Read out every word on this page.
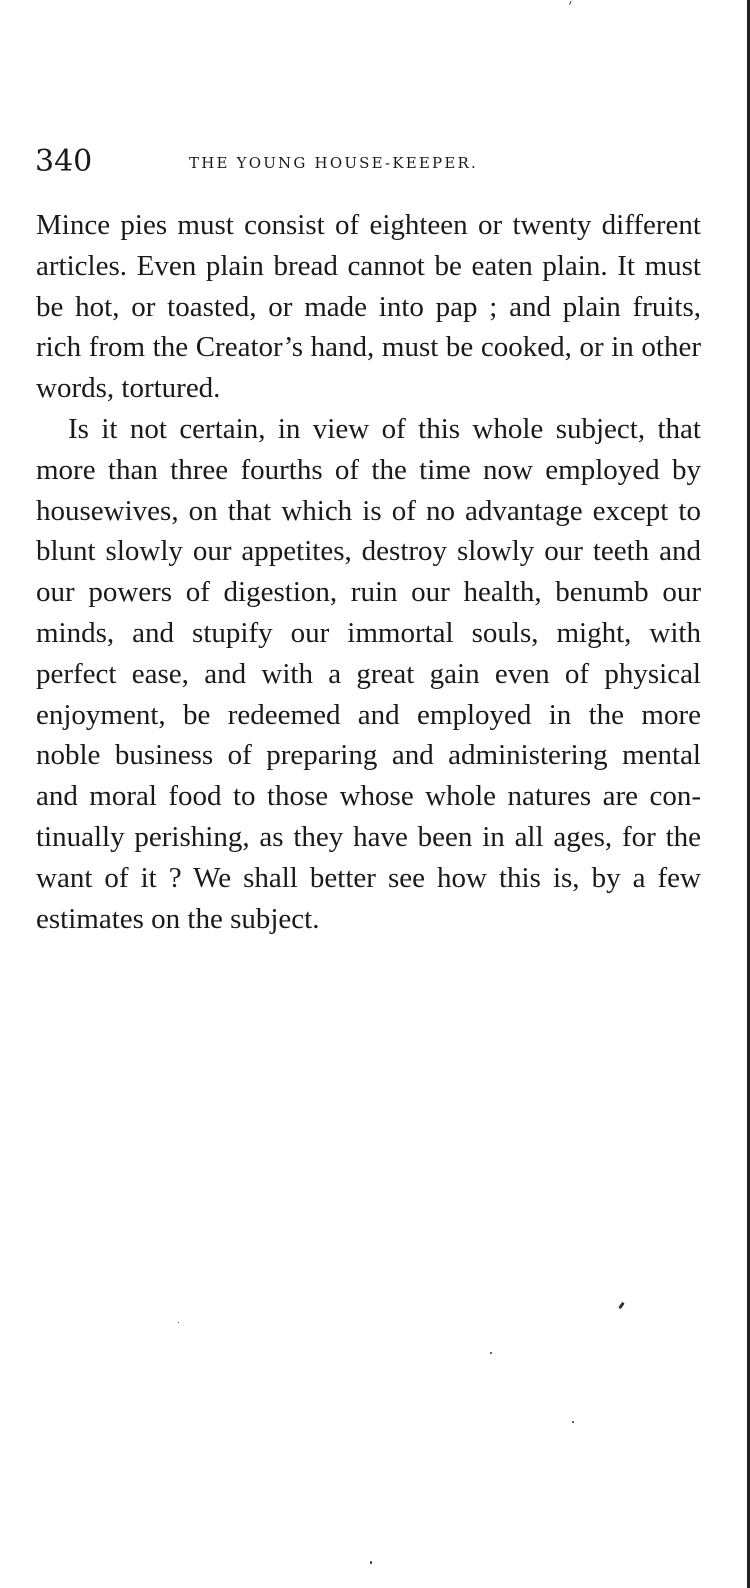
340	THE YOUNG HOUSE-KEEPER.

Mince pies must consist of eighteen or twenty different articles. Even plain bread cannot be eaten plain. It must be hot, or toasted, or made into pap ; and plain fruits, rich from the Creator’s hand, must be cooked, or in other words, tortured.

Is it not certain, in view of this whole subject, that more than three fourths of the time now employed by housewives, on that which is of no advantage except to blunt slowly our appetites, destroy slowly our teeth and our powers of digestion, ruin our health, benumb our minds, and stupify our immortal souls, might, with perfect ease, and with a great gain even of physical enjoyment, be redeemed and employed in the more noble business of preparing and administering mental and moral food to those whose whole natures are continually perishing, as they have been in all ages, for the want of it ? We shall better see how this is, by a few estimates on the subject.
